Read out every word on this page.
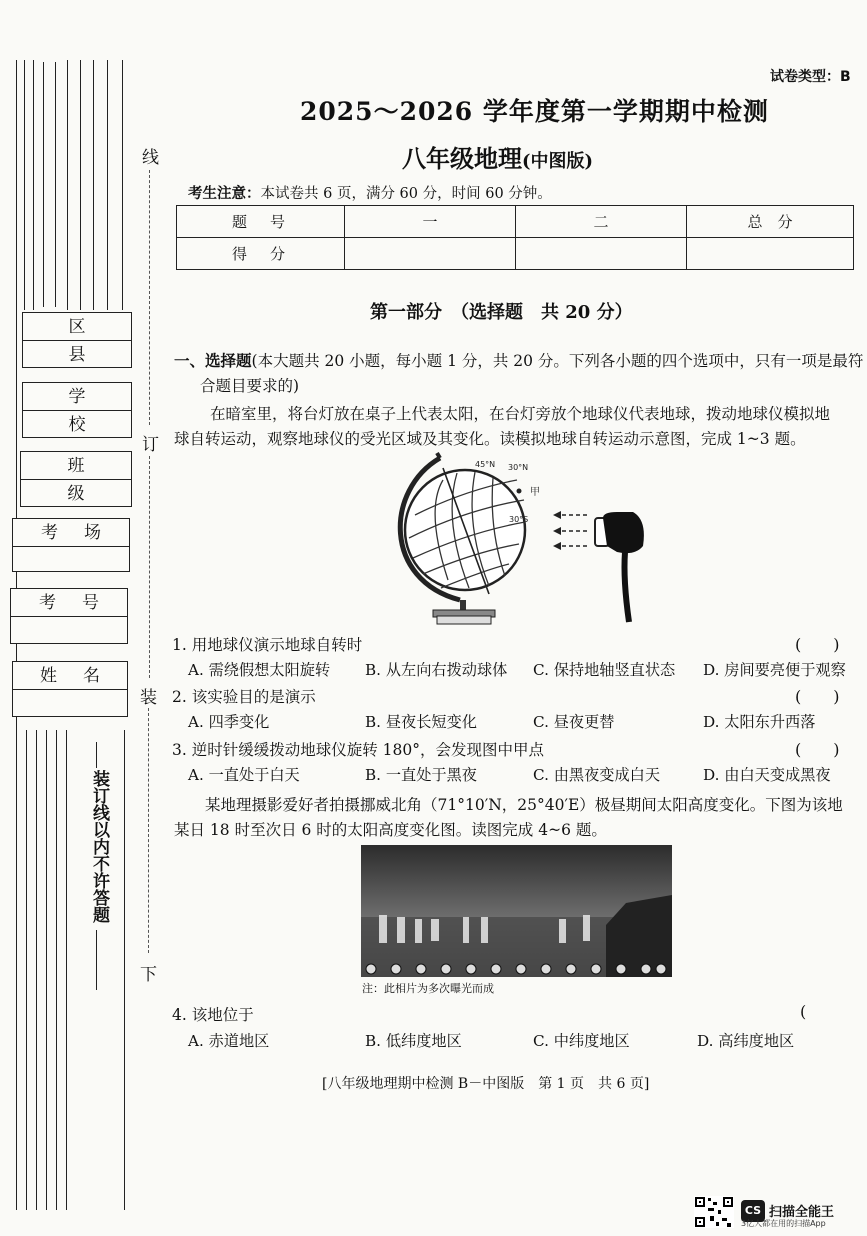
区县
学校
班级
考场
考号
姓名
装订线以内不许答题
线
订
装
下
试卷类型：B
2025～2026 学年度第一学期期中检测
八年级地理(中图版)
考生注意：本试卷共 6 页，满分 60 分，时间 60 分钟。
题　号	一	二	总　分
得　分			
第一部分　（选择题　共 20 分）
一、选择题(本大题共 20 小题，每小题 1 分，共 20 分。下列各小题的四个选项中，只有一项是最符
合题目要求的)
在暗室里，将台灯放在桌子上代表太阳，在台灯旁放个地球仪代表地球，拨动地球仪模拟地
球自转运动，观察地球仪的受光区域及其变化。读模拟地球自转运动示意图，完成 1~3 题。
45°N 30°N
甲
30°S
1. 用地球仪演示地球自转时	(　　)
A. 需绕假想太阳旋转 B. 从左向右拨动球体 C. 保持地轴竖直状态 D. 房间要亮便于观察
2. 该实验目的是演示	(　　)
A. 四季变化	B. 昼夜长短变化	C. 昼夜更替	D. 太阳东升西落
3. 逆时针缓缓拨动地球仪旋转 180°，会发现图中甲点	(　　)
A. 一直处于白天	B. 一直处于黑夜	C. 由黑夜变成白天	D. 由白天变成黑夜
某地理摄影爱好者拍摄挪威北角（71°10′N，25°40′E）极昼期间太阳高度变化。下图为该地
某日 18 时至次日 6 时的太阳高度变化图。读图完成 4~6 题。
注：此相片为多次曝光而成
4. 该地位于	(
A. 赤道地区	B. 低纬度地区	C. 中纬度地区	D. 高纬度地区
[八年级地理期中检测 B－中图版　第 1 页　共 6 页]
CS 扫描全能王
3亿人都在用的扫描App
